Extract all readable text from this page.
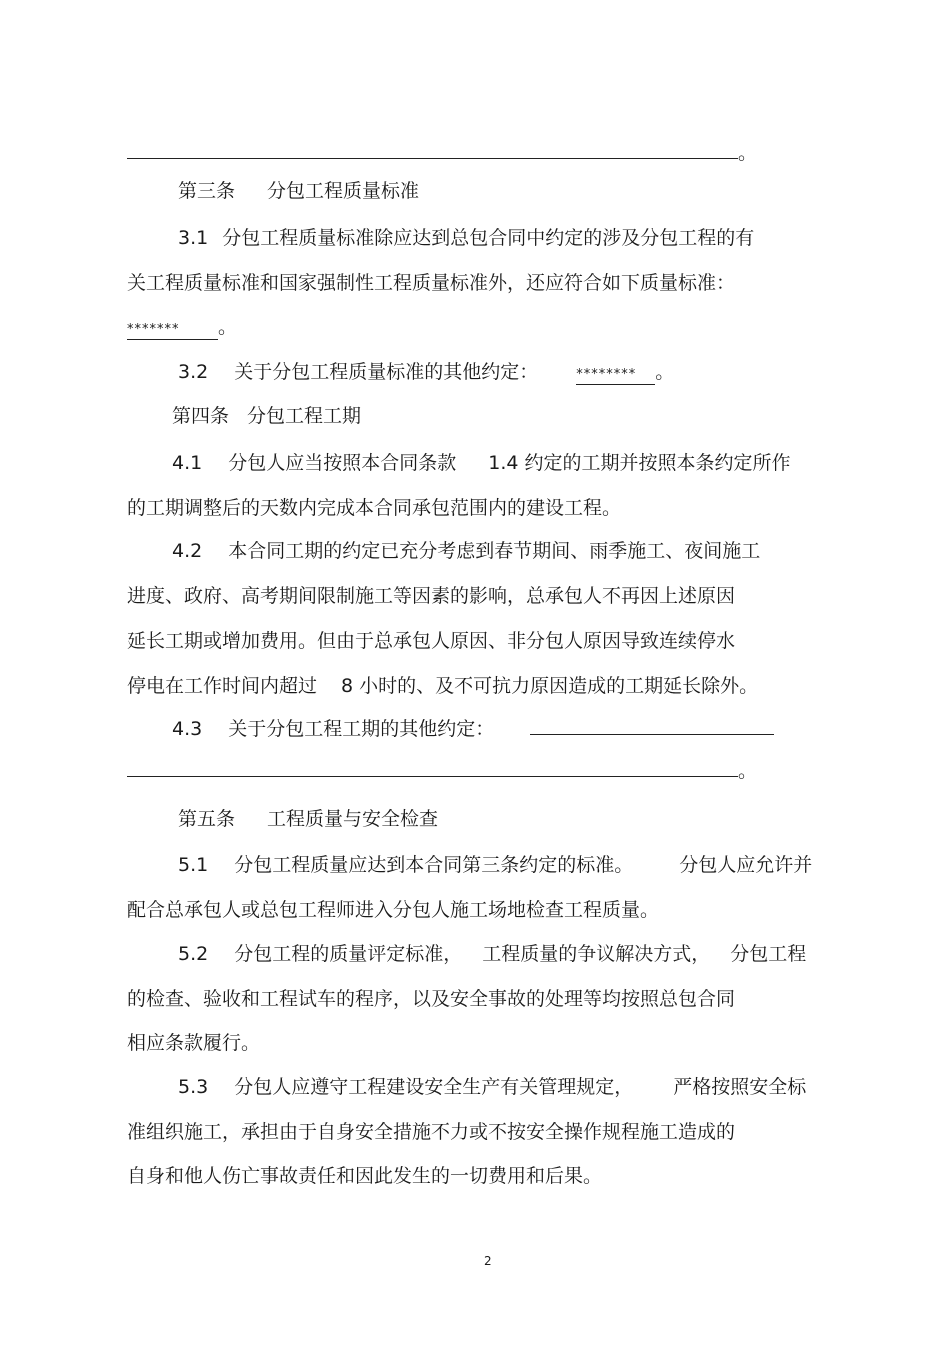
。
第三条 分包工程质量标准
3.1 分包工程质量标准除应达到总包合同中约定的涉及分包工程的有
关工程质量标准和国家强制性工程质量标准外，还应符合如下质量标准：
******* 。
3.2 关于分包工程质量标准的其他约定：	******** 。
第四条 分包工程工期
4.1 分包人应当按照本合同条款 1.4 约定的工期并按照本条约定所作
的工期调整后的天数内完成本合同承包范围内的建设工程。
4.2 本合同工期的约定已充分考虑到春节期间、雨季施工、夜间施工
进度、政府、高考期间限制施工等因素的影响，总承包人不再因上述原因
延长工期或增加费用。但由于总承包人原因、非分包人原因导致连续停水
停电在工作时间内超过 8 小时的、及不可抗力原因造成的工期延长除外。
4.3 关于分包工程工期的其他约定：
。
第五条 工程质量与安全检查
5.1 分包工程质量应达到本合同第三条约定的标准。 分包人应允许并
配合总承包人或总包工程师进入分包人施工场地检查工程质量。
5.2 分包工程的质量评定标准， 工程质量的争议解决方式， 分包工程
的检查、验收和工程试车的程序，以及安全事故的处理等均按照总包合同
相应条款履行。
5.3 分包人应遵守工程建设安全生产有关管理规定， 严格按照安全标
准组织施工，承担由于自身安全措施不力或不按安全操作规程施工造成的
自身和他人伤亡事故责任和因此发生的一切费用和后果。
2
